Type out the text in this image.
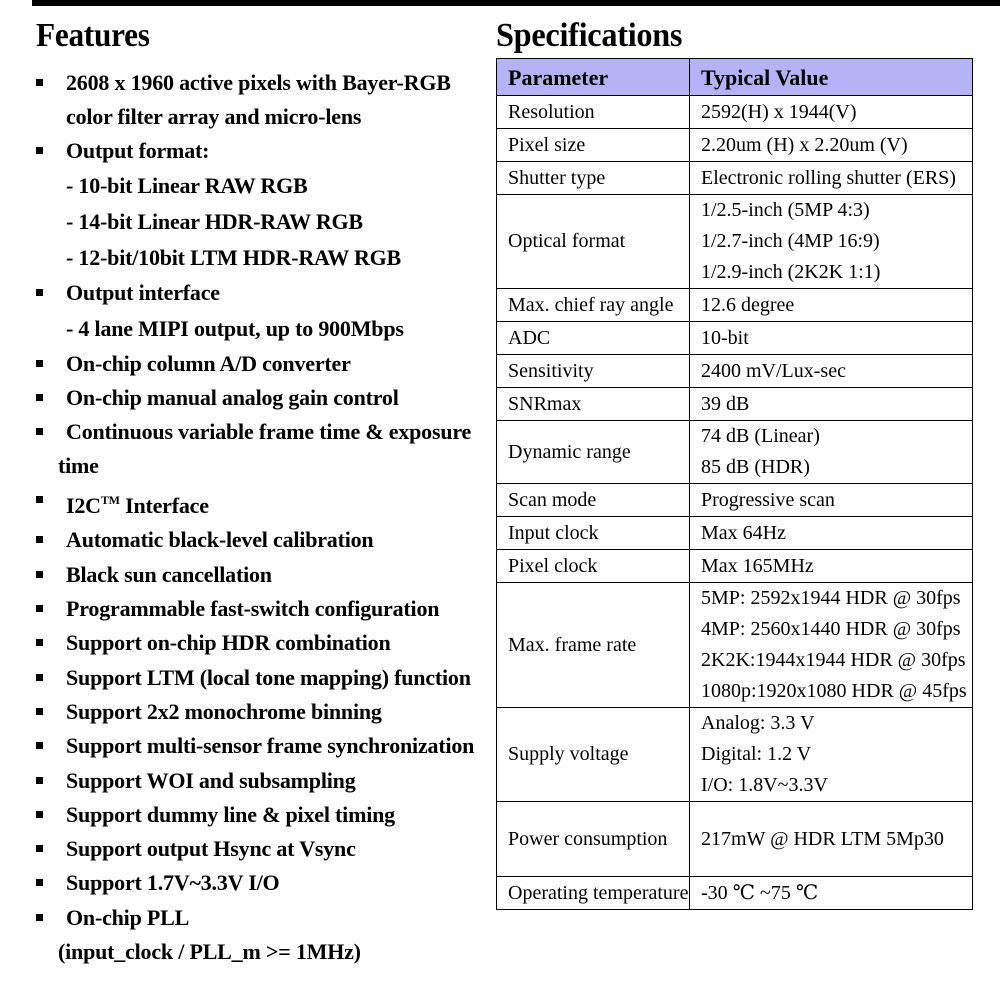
Features
2608 x 1960 active pixels with Bayer-RGB
color filter array and micro-lens
Output format:
- 10-bit Linear RAW RGB
- 14-bit Linear HDR-RAW RGB
- 12-bit/10bit LTM HDR-RAW RGB
Output interface
- 4 lane MIPI output, up to 900Mbps
On-chip column A/D converter
On-chip manual analog gain control
Continuous variable frame time & exposure
time
I2C™ Interface
Automatic black-level calibration
Black sun cancellation
Programmable fast-switch configuration
Support on-chip HDR combination
Support LTM (local tone mapping) function
Support 2x2 monochrome binning
Support multi-sensor frame synchronization
Support WOI and subsampling
Support dummy line & pixel timing
Support output Hsync at Vsync
Support 1.7V~3.3V I/O
On-chip PLL
(input_clock / PLL_m >= 1MHz)
Specifications
Parameter	Typical Value
Resolution	2592(H) x 1944(V)

Pixel size	2.20um (H) x 2.20um (V)

Shutter type	Electronic rolling shutter (ERS)

Optical format	1/2.5-inch (5MP 4:3)
1/2.7-inch (4MP 16:9)
1/2.9-inch (2K2K 1:1)

Max. chief ray angle	12.6 degree

ADC	10-bit

Sensitivity	2400 mV/Lux-sec

SNRmax	39 dB

Dynamic range	74 dB (Linear)
85 dB (HDR)

Scan mode	Progressive scan

Input clock	Max 64Hz

Pixel clock	Max 165MHz

Max. frame rate	5MP: 2592x1944 HDR @ 30fps
4MP: 2560x1440 HDR @ 30fps
2K2K:1944x1944 HDR @ 30fps
1080p:1920x1080 HDR @ 45fps

Supply voltage	Analog: 3.3 V
Digital: 1.2 V
I/O: 1.8V~3.3V

Power consumption	217mW @ HDR LTM 5Mp30

Operating temperature	-30 ℃ ~75 ℃
